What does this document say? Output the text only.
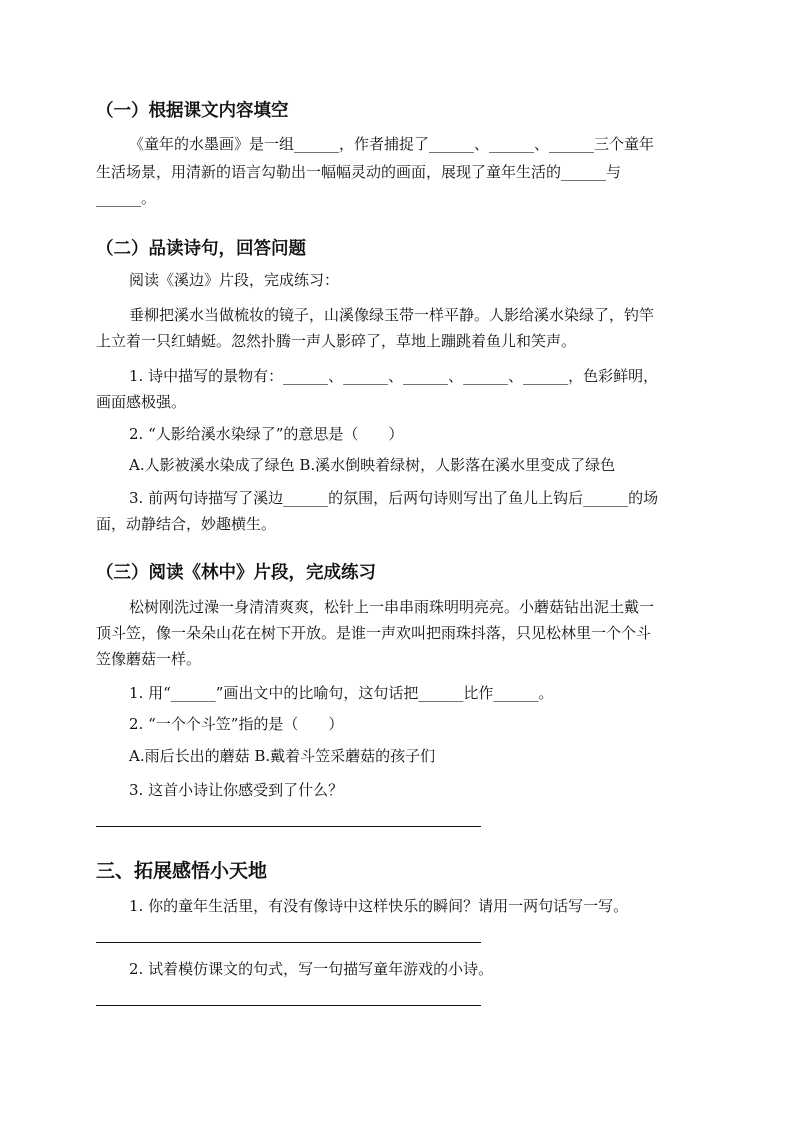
（一）根据课文内容填空
《童年的水墨画》是一组______，作者捕捉了______、______、______三个童年
生活场景，用清新的语言勾勒出一幅幅灵动的画面，展现了童年生活的______与
______。
（二）品读诗句，回答问题
阅读《溪边》片段，完成练习：
垂柳把溪水当做梳妆的镜子，山溪像绿玉带一样平静。人影给溪水染绿了，钓竿
上立着一只红蜻蜓。忽然扑腾一声人影碎了，草地上蹦跳着鱼儿和笑声。
1. 诗中描写的景物有：______、______、______、______、______，色彩鲜明，
画面感极强。
2. “人影给溪水染绿了”的意思是（　　）
A.人影被溪水染成了绿色 B.溪水倒映着绿树，人影落在溪水里变成了绿色
3. 前两句诗描写了溪边______的氛围，后两句诗则写出了鱼儿上钩后______的场
面，动静结合，妙趣横生。
（三）阅读《林中》片段，完成练习
松树刚洗过澡一身清清爽爽，松针上一串串雨珠明明亮亮。小蘑菇钻出泥土戴一
顶斗笠，像一朵朵山花在树下开放。是谁一声欢叫把雨珠抖落，只见松林里一个个斗
笠像蘑菇一样。
1. 用“______”画出文中的比喻句，这句话把______比作______。
2. “一个个斗笠”指的是（　　）
A.雨后长出的蘑菇 B.戴着斗笠采蘑菇的孩子们
3. 这首小诗让你感受到了什么？
三、拓展感悟小天地
1. 你的童年生活里，有没有像诗中这样快乐的瞬间？请用一两句话写一写。
2. 试着模仿课文的句式，写一句描写童年游戏的小诗。
